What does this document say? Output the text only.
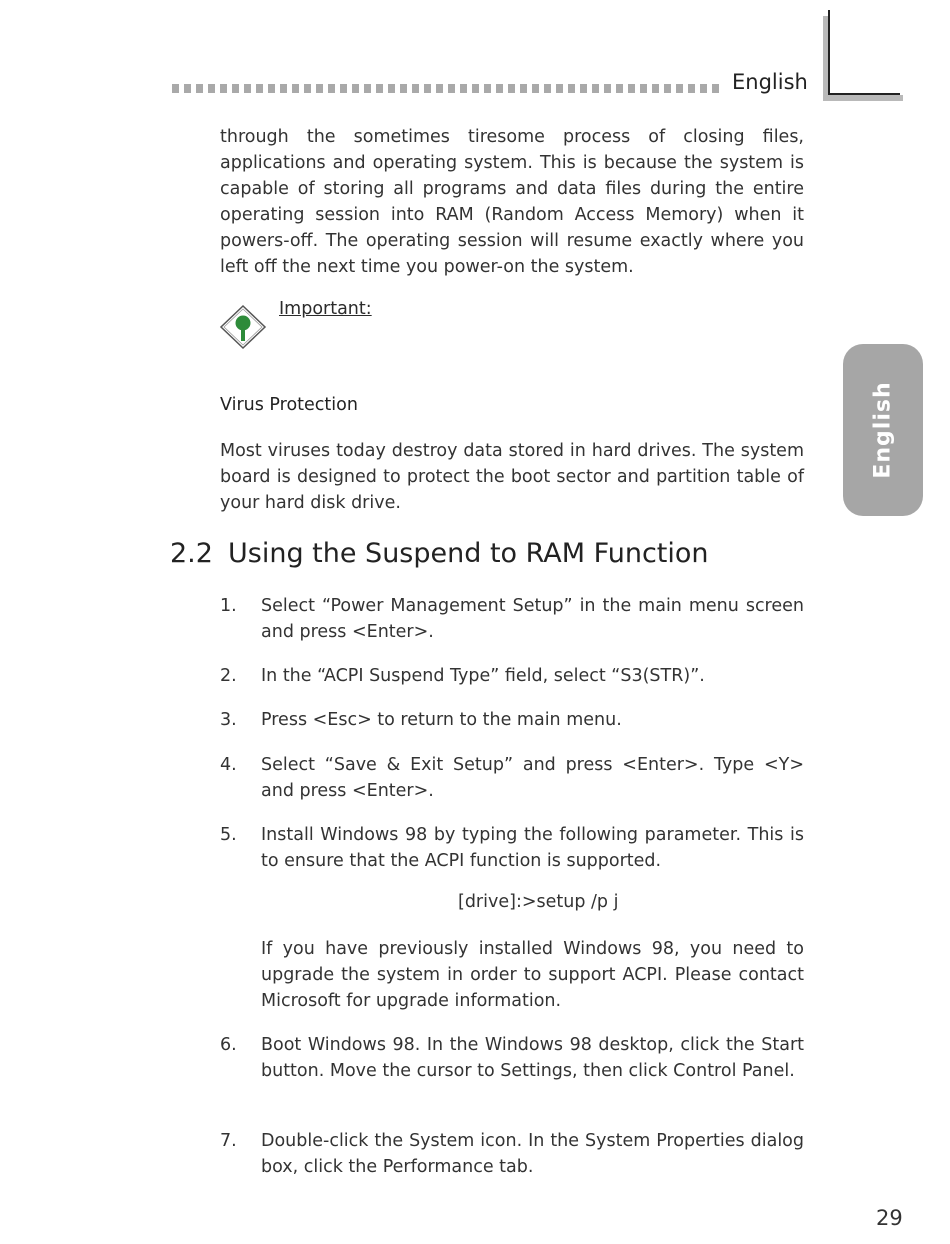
English
English

through the sometimes tiresome process of closing files, applications and operating system. This is because the system is capable of storing all programs and data files during the entire operating session into RAM (Random Access Memory) when it powers-off. The operating session will resume exactly where you left off the next time you power-on the system.

Important:
Virus Protection

Most viruses today destroy data stored in hard drives. The system board is designed to protect the boot sector and partition table of your hard disk drive.

2.2 Using the Suspend to RAM Function
1. Select “Power Management Setup” in the main menu screen and press <Enter>.
2. In the “ACPI Suspend Type” field, select “S3(STR)”.
3. Press <Esc> to return to the main menu.
4. Select “Save & Exit Setup” and press <Enter>. Type <Y> and press <Enter>.
5. Install Windows 98 by typing the following parameter. This is to ensure that the ACPI function is supported.
[drive]:>setup /p j

If you have previously installed Windows 98, you need to upgrade the system in order to support ACPI. Please contact Microsoft for upgrade information.

6. Boot Windows 98. In the Windows 98 desktop, click the Start button. Move the cursor to Settings, then click Control Panel.
7. Double-click the System icon. In the System Properties dialog box, click the Performance tab.
29
